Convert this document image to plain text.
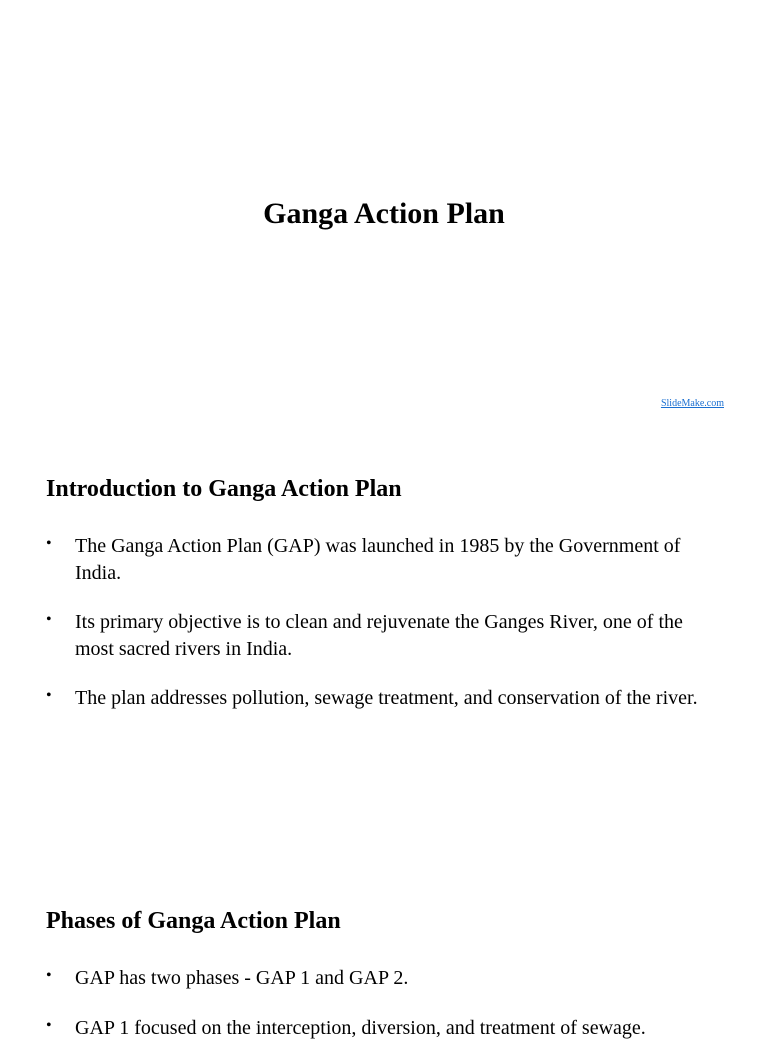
Ganga Action Plan
SlideMake.com
Introduction to Ganga Action Plan
• The Ganga Action Plan (GAP) was launched in 1985 by the Government of India.
• Its primary objective is to clean and rejuvenate the Ganges River, one of the most sacred rivers in India.
• The plan addresses pollution, sewage treatment, and conservation of the river.
Phases of Ganga Action Plan
• GAP has two phases - GAP 1 and GAP 2.
• GAP 1 focused on the interception, diversion, and treatment of sewage.
